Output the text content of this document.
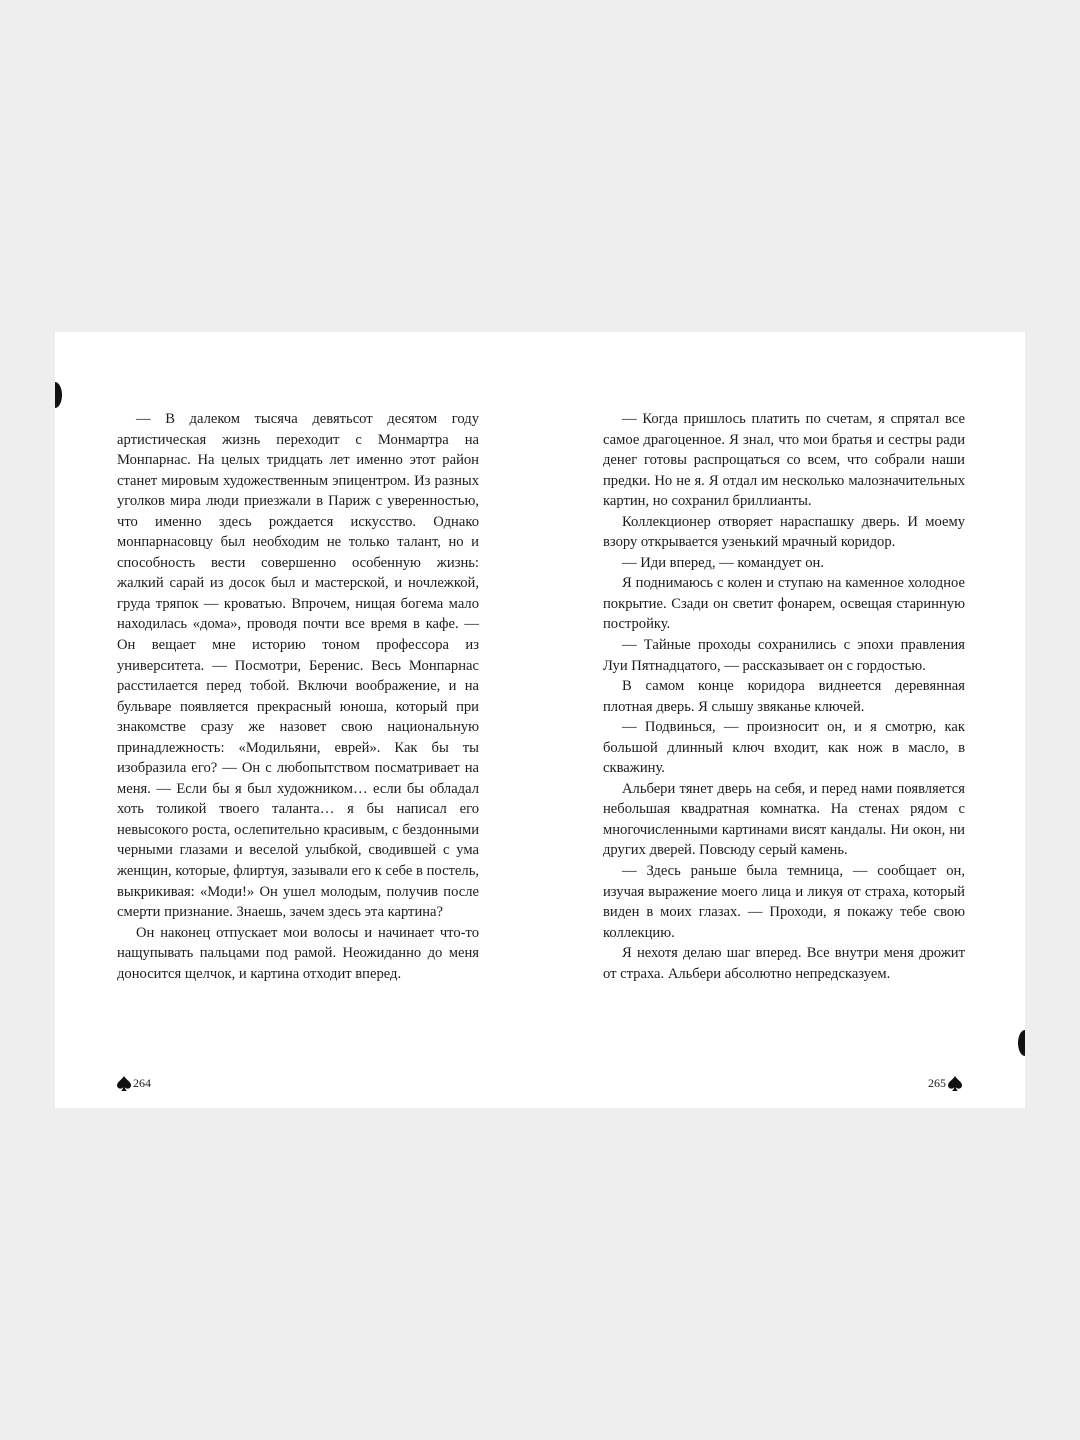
— В далеком тысяча девятьсот десятом году артистическая жизнь переходит с Монмартра на Монпарнас. На целых тридцать лет именно этот район станет мировым художественным эпицентром. Из разных уголков мира люди приезжали в Париж с уверенностью, что именно здесь рождается искусство. Однако монпарнасовцу был необходим не только талант, но и способность вести совершенно особенную жизнь: жалкий сарай из досок был и мастерской, и ночлежкой, груда тряпок — кроватью. Впрочем, нищая богема мало находилась «дома», проводя почти все время в кафе. — Он вещает мне историю тоном профессора из университета. — Посмотри, Беренис. Весь Монпарнас расстилается перед тобой. Включи воображение, и на бульваре появляется прекрасный юноша, который при знакомстве сразу же назовет свою национальную принадлежность: «Модильяни, еврей». Как бы ты изобразила его? — Он с любопытством посматривает на меня. — Если бы я был художником… если бы обладал хоть толикой твоего таланта… я бы написал его невысокого роста, ослепительно красивым, с бездонными черными глазами и веселой улыбкой, сводившей с ума женщин, которые, флиртуя, зазывали его к себе в постель, выкрикивая: «Моди!» Он ушел молодым, получив после смерти признание. Знаешь, зачем здесь эта картина?

Он наконец отпускает мои волосы и начинает что-то нащупывать пальцами под рамой. Неожиданно до меня доносится щелчок, и картина отходит вперед.

264

— Когда пришлось платить по счетам, я спрятал все самое драгоценное. Я знал, что мои братья и сестры ради денег готовы распрощаться со всем, что собрали наши предки. Но не я. Я отдал им несколько малозначительных картин, но сохранил бриллианты.

Коллекционер отворяет нараспашку дверь. И моему взору открывается узенький мрачный коридор.

— Иди вперед, — командует он.

Я поднимаюсь с колен и ступаю на каменное холодное покрытие. Сзади он светит фонарем, освещая старинную постройку.

— Тайные проходы сохранились с эпохи правления Луи Пятнадцатого, — рассказывает он с гордостью.

В самом конце коридора виднеется деревянная плотная дверь. Я слышу звяканье ключей.

— Подвинься, — произносит он, и я смотрю, как большой длинный ключ входит, как нож в масло, в скважину.

Альбери тянет дверь на себя, и перед нами появляется небольшая квадратная комнатка. На стенах рядом с многочисленными картинами висят кандалы. Ни окон, ни других дверей. Повсюду серый камень.

— Здесь раньше была темница, — сообщает он, изучая выражение моего лица и ликуя от страха, который виден в моих глазах. — Проходи, я покажу тебе свою коллекцию.

Я нехотя делаю шаг вперед. Все внутри меня дрожит от страха. Альбери абсолютно непредсказуем.

265
